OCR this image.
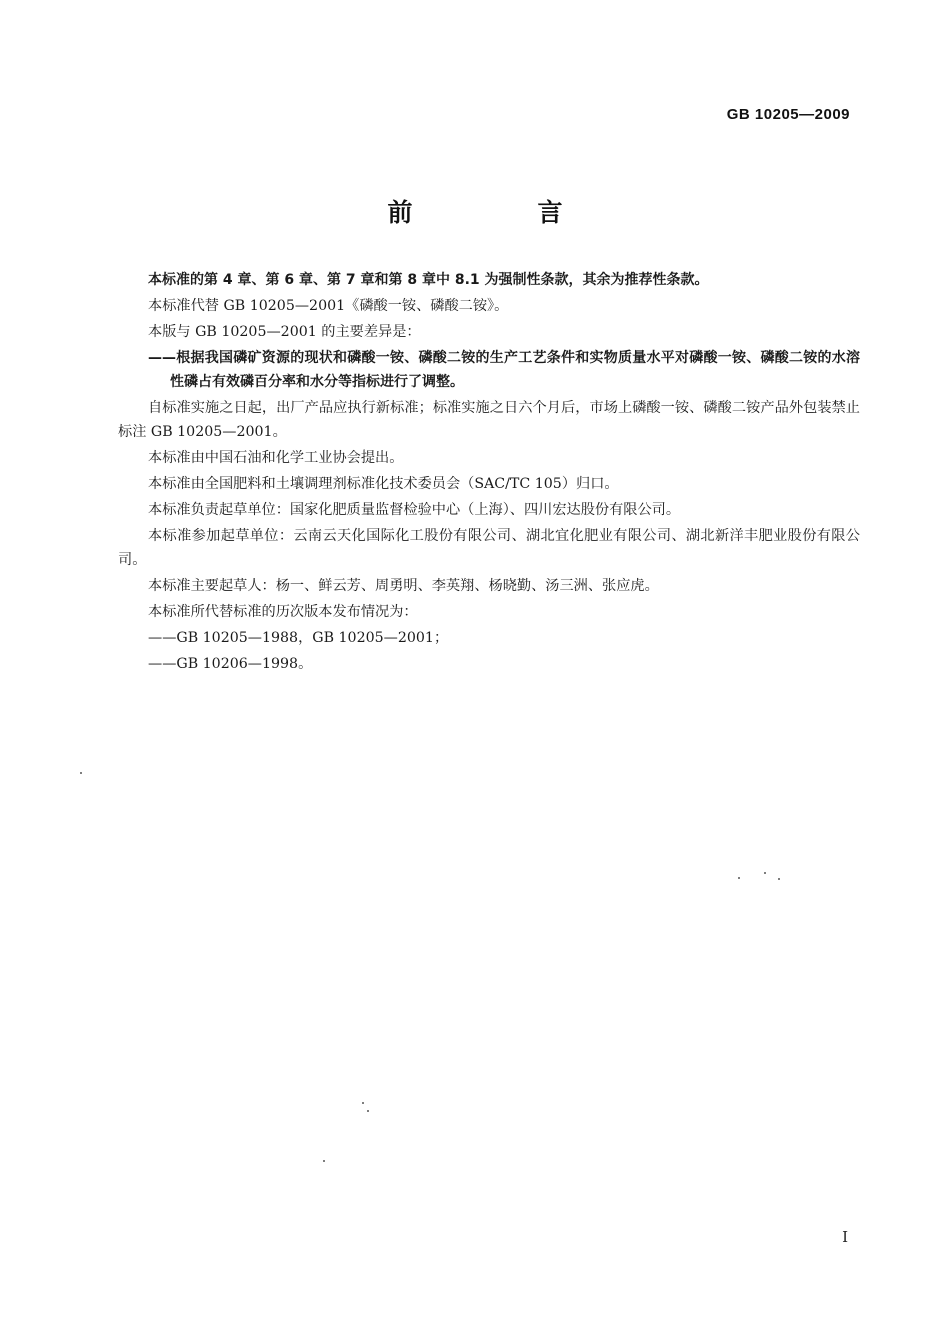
GB 10205—2009
前　言

本标准的第 4 章、第 6 章、第 7 章和第 8 章中 8.1 为强制性条款，其余为推荐性条款。

本标准代替 GB 10205—2001《磷酸一铵、磷酸二铵》。

本版与 GB 10205—2001 的主要差异是：

——根据我国磷矿资源的现状和磷酸一铵、磷酸二铵的生产工艺条件和实物质量水平对磷酸一铵、磷酸二铵的水溶性磷占有效磷百分率和水分等指标进行了调整。

自标准实施之日起，出厂产品应执行新标准；标准实施之日六个月后，市场上磷酸一铵、磷酸二铵产品外包装禁止标注 GB 10205—2001。

本标准由中国石油和化学工业协会提出。

本标准由全国肥料和土壤调理剂标准化技术委员会（SAC/TC 105）归口。

本标准负责起草单位：国家化肥质量监督检验中心（上海）、四川宏达股份有限公司。

本标准参加起草单位：云南云天化国际化工股份有限公司、湖北宜化肥业有限公司、湖北新洋丰肥业股份有限公司。

本标准主要起草人：杨一、鲜云芳、周勇明、李英翔、杨晓勤、汤三洲、张应虎。

本标准所代替标准的历次版本发布情况为：

——GB 10205—1988，GB 10205—2001；

——GB 10206—1998。

I
